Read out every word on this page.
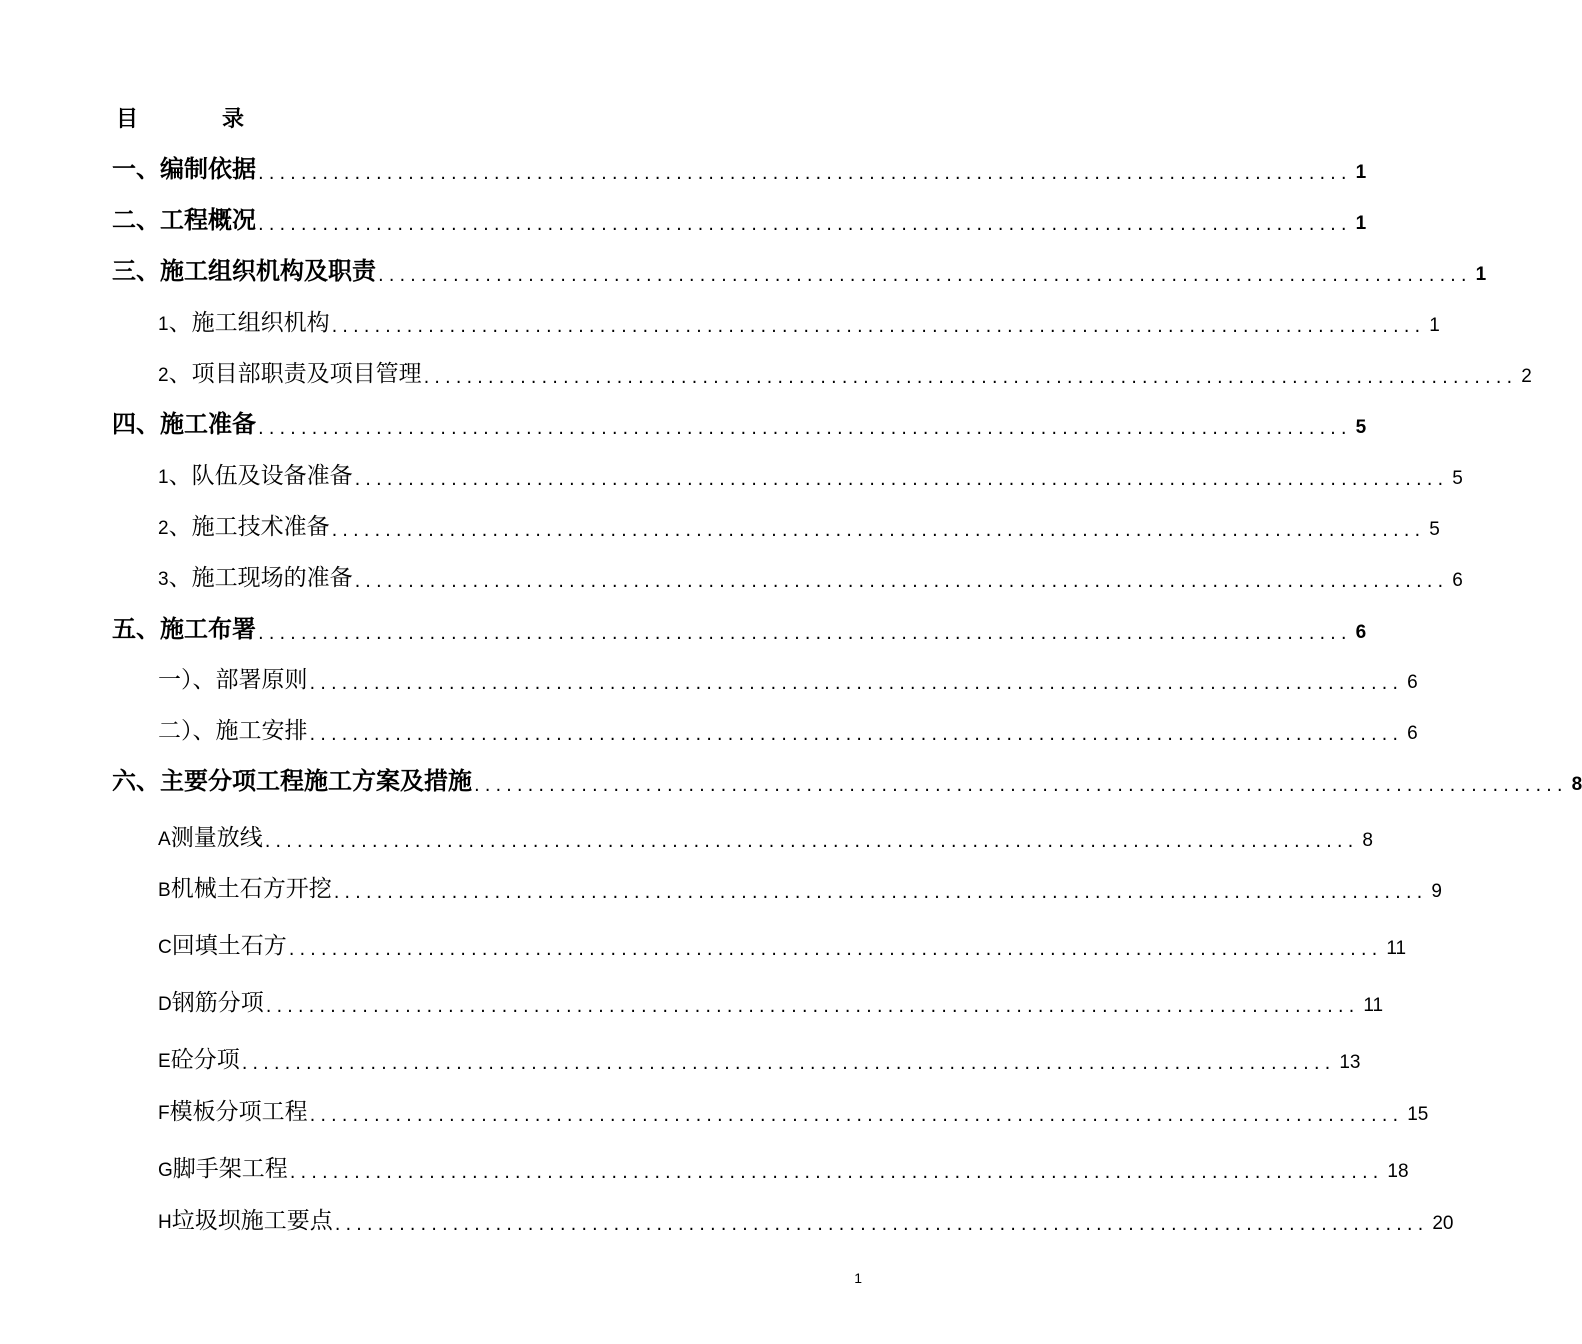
目	录
一、编制依据 ...................................................................................................... 1
二、工程概况 ...................................................................................................... 1
三、施工组织机构及职责 ...................................................................................................... 1
1、施工组织机构 ...................................................................................................... 1
2、项目部职责及项目管理 ...................................................................................................... 2
四、施工准备 ...................................................................................................... 5
1、队伍及设备准备 ...................................................................................................... 5
2、施工技术准备 ...................................................................................................... 5
3、施工现场的准备 ...................................................................................................... 6
五、施工布署 ...................................................................................................... 6
一）、部署原则 ...................................................................................................... 6
二）、施工安排 ...................................................................................................... 6
六、主要分项工程施工方案及措施 ...................................................................................................... 8
A测量放线 ...................................................................................................... 8
B机械土石方开挖 ...................................................................................................... 9
C回填土石方 ...................................................................................................... 11
D钢筋分项 ...................................................................................................... 11
E砼分项 ...................................................................................................... 13
F模板分项工程 ...................................................................................................... 15
G脚手架工程 ...................................................................................................... 18
H垃圾坝施工要点 ...................................................................................................... 20
1
